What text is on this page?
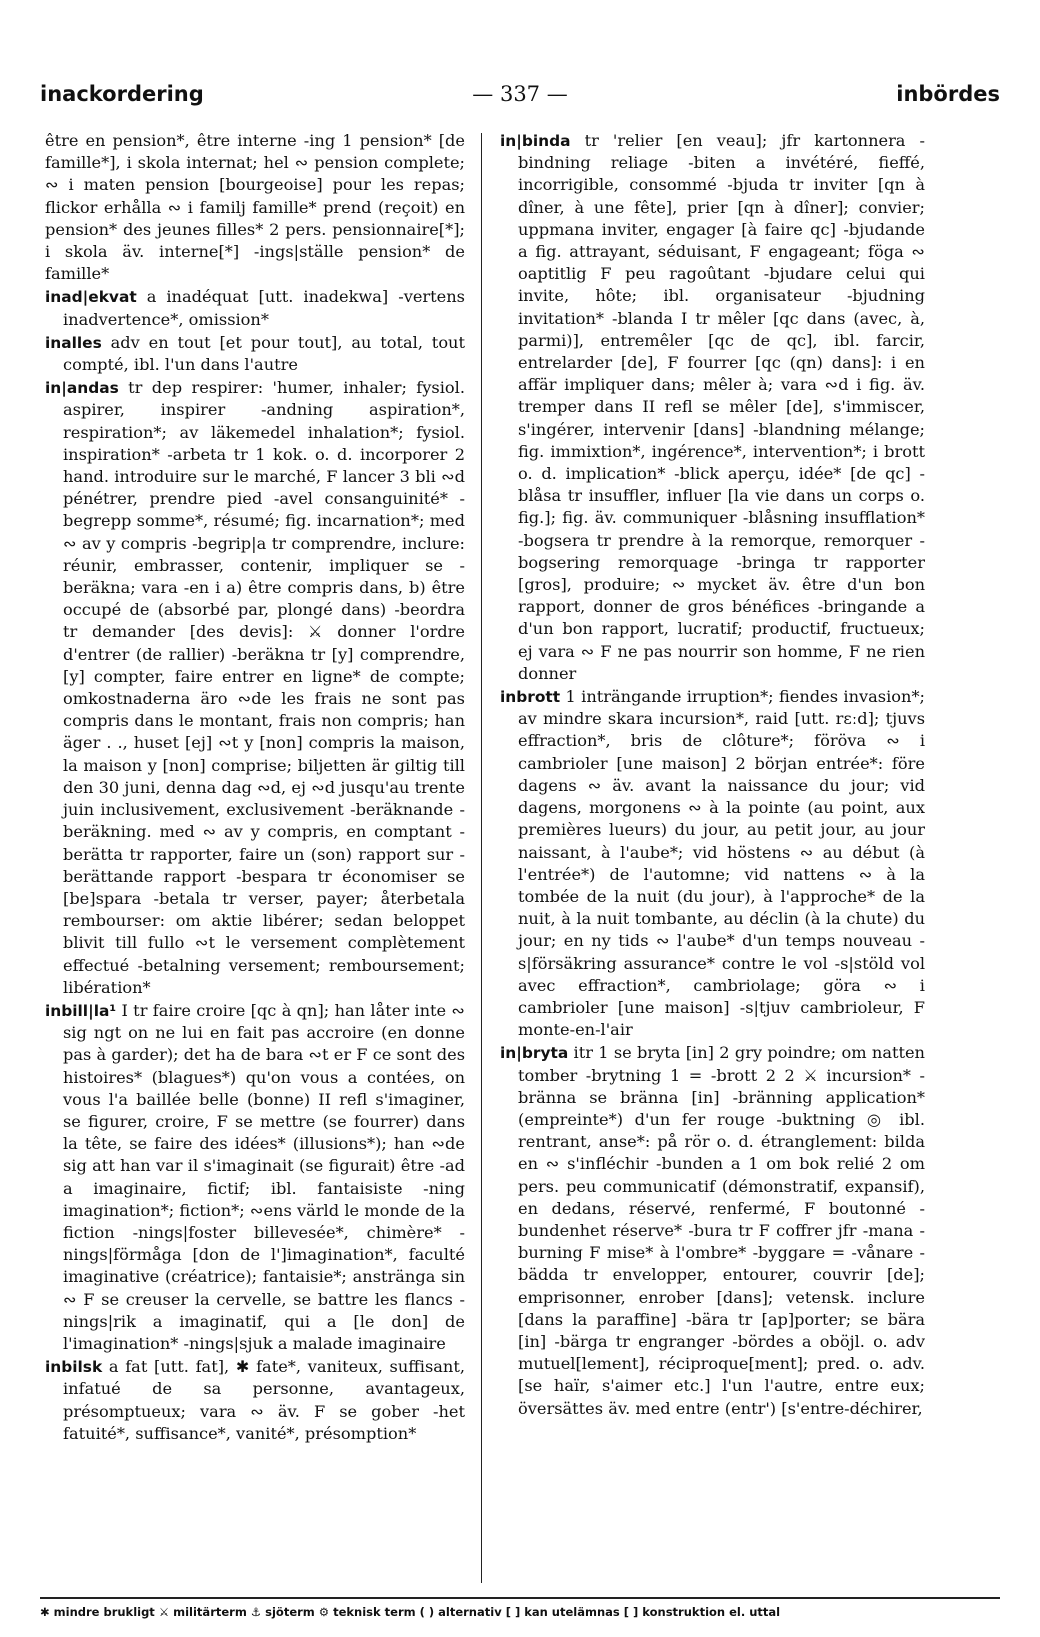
inackordering	— 337 —	inbördes

être en pension*, être interne -ing 1 pension* [de famille*], i skola internat; hel ∾ pension complete; ∾ i maten pension [bourgeoise] pour les repas; flickor erhålla ∾ i familj famille* prend (reçoit) en pension* des jeunes filles* 2 pers. pensionnaire[*]; i skola äv. interne[*] -ings|ställe pension* de famille*

inad|ekvat a inadéquat [utt. inadekwa] -vertens inadvertence*, omission*

inalles adv en tout [et pour tout], au total, tout compté, ibl. l'un dans l'autre

in|andas tr dep respirer: 'humer, inhaler; fysiol. aspirer, inspirer -andning aspiration*, respiration*; av läkemedel inhalation*; fysiol. inspiration* -arbeta tr 1 kok. o. d. incorporer 2 hand. introduire sur le marché, F lancer 3 bli ∾d pénétrer, prendre pied -avel consanguinité* -begrepp somme*, résumé; fig. incarnation*; med ∾ av y compris -begrip|a tr comprendre, inclure: réunir, embrasser, contenir, impliquer se -beräkna; vara -en i a) être compris dans, b) être occupé de (absorbé par, plongé dans) -beordra tr demander [des devis]: ⚔ donner l'ordre d'entrer (de rallier) -beräkna tr [y] comprendre, [y] compter, faire entrer en ligne* de compte; omkostnaderna äro ∾de les frais ne sont pas compris dans le montant, frais non compris; han äger . ., huset [ej] ∾t y [non] compris la maison, la maison y [non] comprise; biljetten är giltig till den 30 juni, denna dag ∾d, ej ∾d jusqu'au trente juin inclusivement, exclusivement -beräknande -beräkning. med ∾ av y compris, en comptant -berätta tr rapporter, faire un (son) rapport sur -berättande rapport -bespara tr économiser se [be]spara -betala tr verser, payer; återbetala rembourser: om aktie libérer; sedan beloppet blivit till fullo ∾t le versement complètement effectué -betalning versement; remboursement; libération*

inbill|la¹ I tr faire croire [qc à qn]; han låter inte ∾ sig ngt on ne lui en fait pas accroire (en donne pas à garder); det ha de bara ∾t er F ce sont des histoires* (blagues*) qu'on vous a contées, on vous l'a baillée belle (bonne) II refl s'imaginer, se figurer, croire, F se mettre (se fourrer) dans la tête, se faire des idées* (illusions*); han ∾de sig att han var il s'imaginait (se figurait) être -ad a imaginaire, fictif; ibl. fantaisiste -ning imagination*; fiction*; ∾ens värld le monde de la fiction -nings|foster billevesée*, chimère* -nings|förmåga [don de l']imagination*, faculté imaginative (créatrice); fantaisie*; anstränga sin ∾ F se creuser la cervelle, se battre les flancs -nings|rik a imaginatif, qui a [le don] de l'imagination* -nings|sjuk a malade imaginaire

inbilsk a fat [utt. fat], ✱ fate*, vaniteux, suffisant, infatué de sa personne, avantageux, présomptueux; vara ∾ äv. F se gober -het fatuité*, suffisance*, vanité*, présomption*

in|binda tr 'relier [en veau]; jfr kartonnera -bindning reliage -biten a invétéré, fieffé, incorrigible, consommé -bjuda tr inviter [qn à dîner, à une fête], prier [qn à dîner]; convier; uppmana inviter, engager [à faire qc] -bjudande a fig. attrayant, séduisant, F engageant; föga ∾ oaptitlig F peu ragoûtant -bjudare celui qui invite, hôte; ibl. organisateur -bjudning invitation* -blanda I tr mêler [qc dans (avec, à, parmi)], entremêler [qc de qc], ibl. farcir, entrelarder [de], F fourrer [qc (qn) dans]: i en affär impliquer dans; mêler à; vara ∾d i fig. äv. tremper dans II refl se mêler [de], s'immiscer, s'ingérer, intervenir [dans] -blandning mélange; fig. immixtion*, ingérence*, intervention*; i brott o. d. implication* -blick aperçu, idée* [de qc] -blåsa tr insuffler, influer [la vie dans un corps o. fig.]; fig. äv. communiquer -blåsning insufflation* -bogsera tr prendre à la remorque, remorquer -bogsering remorquage -bringa tr rapporter [gros], produire; ∾ mycket äv. être d'un bon rapport, donner de gros bénéfices -bringande a d'un bon rapport, lucratif; productif, fructueux; ej vara ∾ F ne pas nourrir son homme, F ne rien donner

inbrott 1 inträngande irruption*; fiendes invasion*; av mindre skara incursion*, raid [utt. rɛːd]; tjuvs effraction*, bris de clôture*; föröva ∾ i cambrioler [une maison] 2 början entrée*: före dagens ∾ äv. avant la naissance du jour; vid dagens, morgonens ∾ à la pointe (au point, aux premières lueurs) du jour, au petit jour, au jour naissant, à l'aube*; vid höstens ∾ au début (à l'entrée*) de l'automne; vid nattens ∾ à la tombée de la nuit (du jour), à l'approche* de la nuit, à la nuit tombante, au déclin (à la chute) du jour; en ny tids ∾ l'aube* d'un temps nouveau -s|försäkring assurance* contre le vol -s|stöld vol avec effraction*, cambriolage; göra ∾ i cambrioler [une maison] -s|tjuv cambrioleur, F monte-en-l'air

in|bryta itr 1 se bryta [in] 2 gry poindre; om natten tomber -brytning 1 = -brott 2 2 ⚔ incursion* -bränna se bränna [in] -bränning application* (empreinte*) d'un fer rouge -buktning ◎ ibl. rentrant, anse*: på rör o. d. étranglement: bilda en ∾ s'infléchir -bunden a 1 om bok relié 2 om pers. peu communicatif (démonstratif, expansif), en dedans, réservé, renfermé, F boutonné -bundenhet réserve* -bura tr F coffrer jfr -mana -burning F mise* à l'ombre* -byggare = -vånare -bädda tr envelopper, entourer, couvrir [de]; emprisonner, enrober [dans]; vetensk. inclure [dans la paraffine] -bära tr [ap]porter; se bära [in] -bärga tr engranger -bördes a oböjl. o. adv mutuel[lement], réciproque[ment]; pred. o. adv. [se haïr, s'aimer etc.] l'un l'autre, entre eux; översättes äv. med entre (entr') [s'entre-déchirer,

✱ mindre brukligt ⚔ militärterm ⚓ sjöterm ⚙ teknisk term ( ) alternativ [ ] kan utelämnas [ ] konstruktion el. uttal
